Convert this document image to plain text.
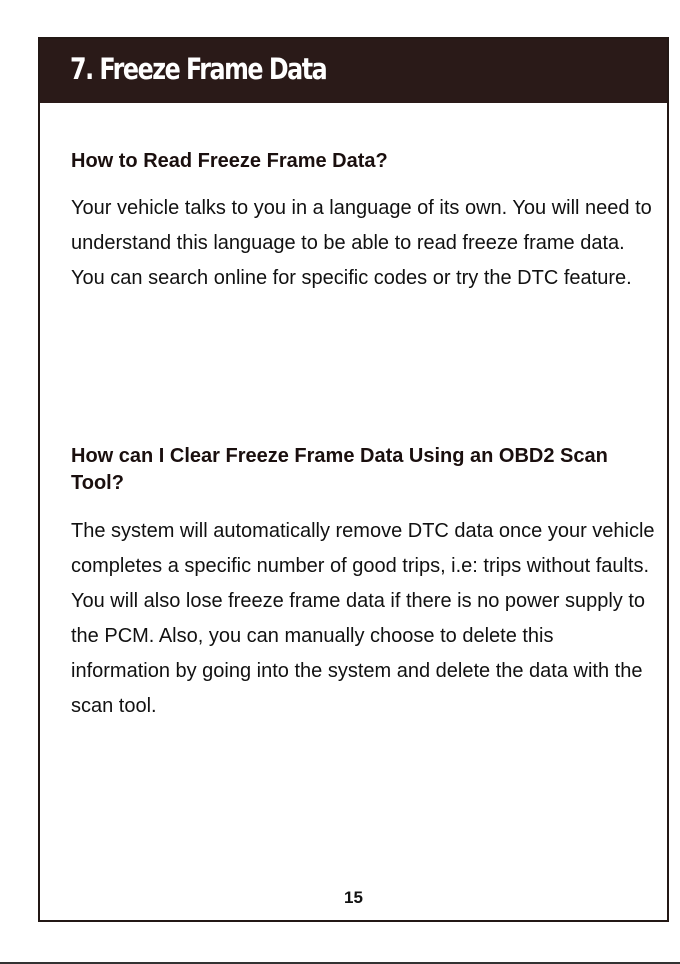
7. Freeze Frame Data
How to Read Freeze Frame Data?

Your vehicle talks to you in a language of its own. You will need to understand this language to be able to read freeze frame data.

You can search online for specific codes or try the DTC feature.

How can I Clear Freeze Frame Data Using an OBD2 Scan Tool?

The system will automatically remove DTC data once your vehicle completes a specific number of good trips, i.e: trips without faults.

You will also lose freeze frame data if there is no power supply to the PCM. Also, you can manually choose to delete this information by going into the system and delete the data with the scan tool.

15
